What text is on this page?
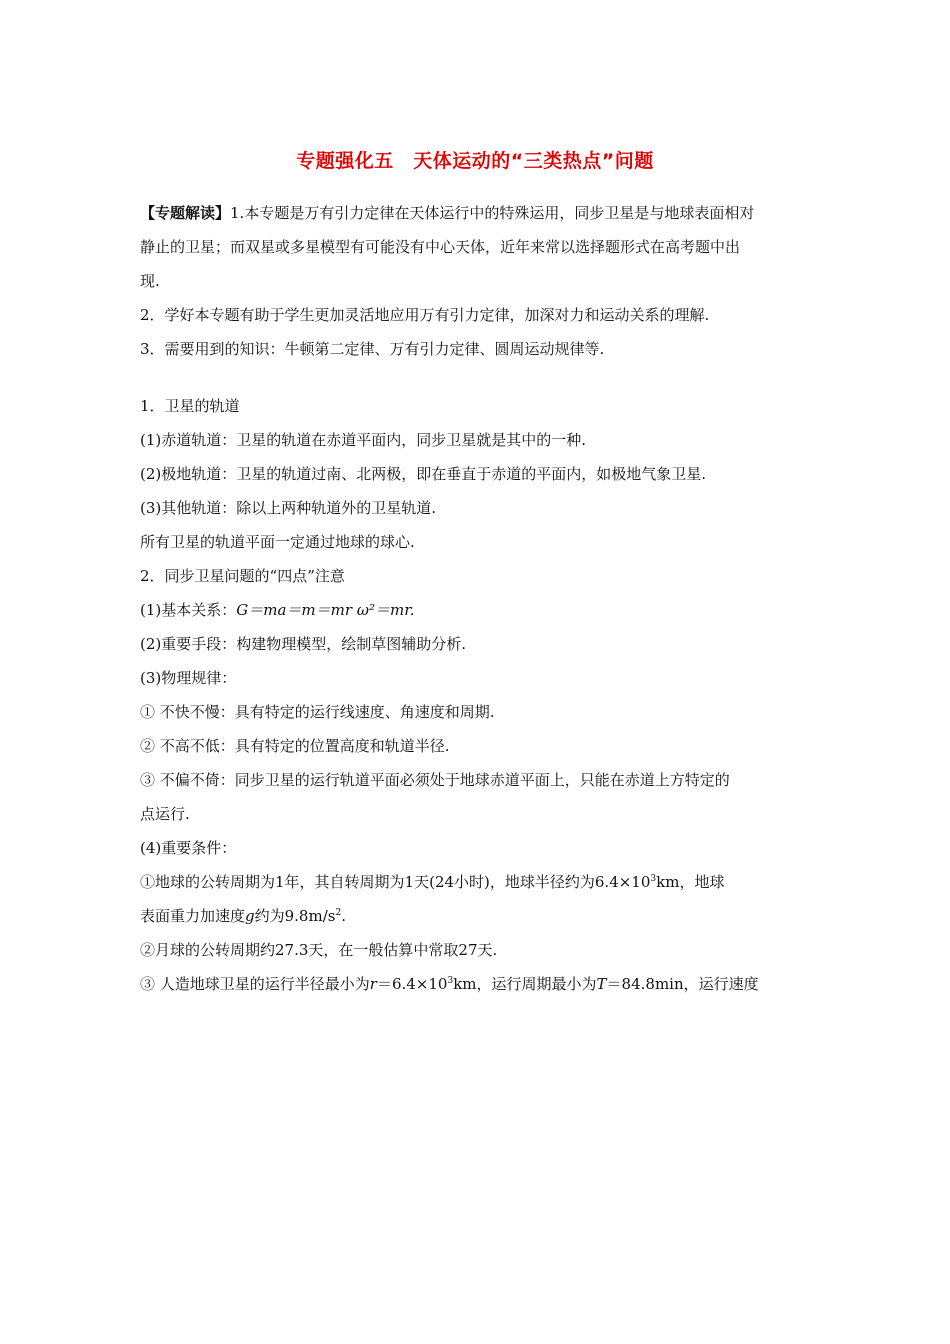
专题强化五　天体运动的“三类热点”问题
【专题解读】1.本专题是万有引力定律在天体运行中的特殊运用，同步卫星是与地球表面相对
静止的卫星；而双星或多星模型有可能没有中心天体，近年来常以选择题形式在高考题中出
现.
2．学好本专题有助于学生更加灵活地应用万有引力定律，加深对力和运动关系的理解.
3．需要用到的知识：牛顿第二定律、万有引力定律、圆周运动规律等.
1．卫星的轨道
(1)赤道轨道：卫星的轨道在赤道平面内，同步卫星就是其中的一种.
(2)极地轨道：卫星的轨道过南、北两极，即在垂直于赤道的平面内，如极地气象卫星.
(3)其他轨道：除以上两种轨道外的卫星轨道.
所有卫星的轨道平面一定通过地球的球心.
2．同步卫星问题的“四点”注意
(1)基本关系：G＝ma＝m＝mr ω²＝mr.
(2)重要手段：构建物理模型，绘制草图辅助分析.
(3)物理规律：
① 不快不慢：具有特定的运行线速度、角速度和周期.
② 不高不低：具有特定的位置高度和轨道半径.
③ 不偏不倚：同步卫星的运行轨道平面必须处于地球赤道平面上，只能在赤道上方特定的
点运行.
(4)重要条件：
①地球的公转周期为1年，其自转周期为1天(24小时)，地球半径约为$6.4\times 10^3km$，地球
表面重力加速度g约为$9.8m/s^2$.
②月球的公转周期约27.3天，在一般估算中常取27天.
③ 人造地球卫星的运行半径最小为$r=6.4\times 10^3km$，运行周期最小为T＝84.8min，运行速度
